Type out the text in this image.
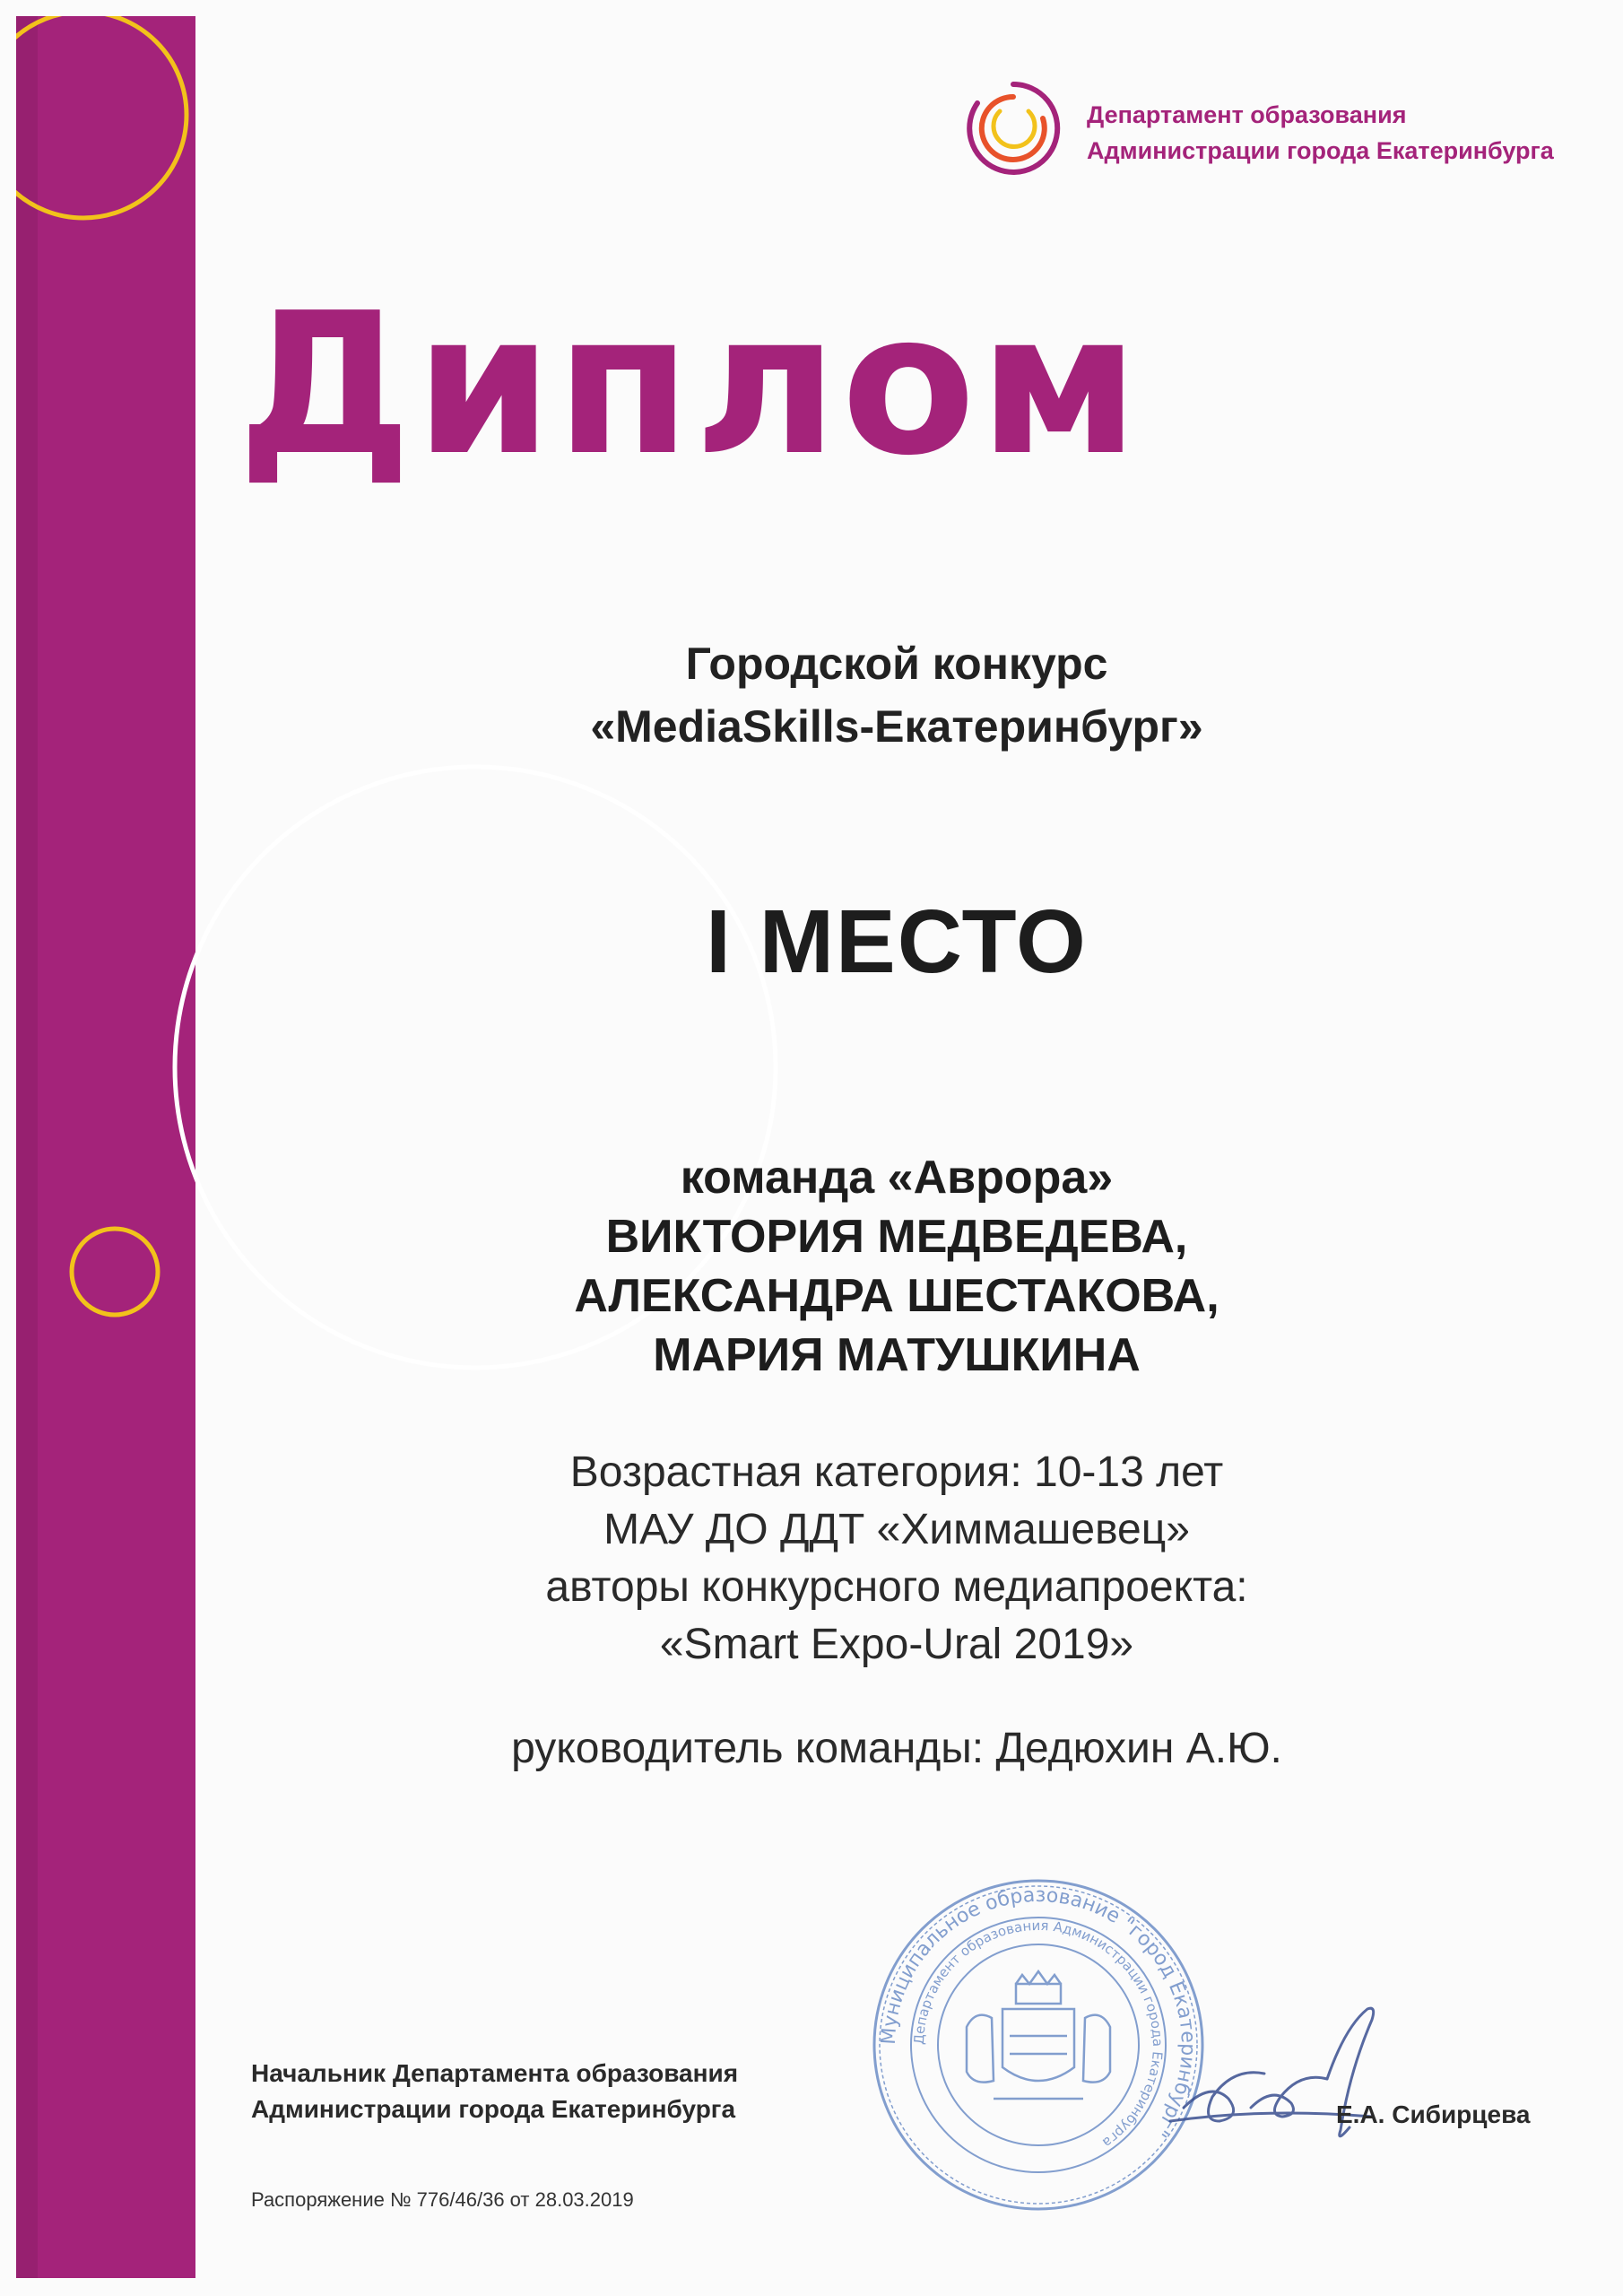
Департамент образования
Администрации города Екатеринбурга
Диплом
Городской конкурс
«MediaSkills-Екатеринбург»
I МЕСТО
команда «Аврора»
ВИКТОРИЯ МЕДВЕДЕВА,
АЛЕКСАНДРА ШЕСТАКОВА,
МАРИЯ МАТУШКИНА
Возрастная категория: 10-13 лет
МАУ ДО ДДТ «Химмашевец»
авторы конкурсного медиапроекта:
«Smart Expo-Ural 2019»
руководитель команды: Дедюхин А.Ю.
Муниципальное образование "город Екатеринбург"
Департамент образования Администрации города Екатеринбурга
Начальник Департамента образования
Администрации города Екатеринбурга	Е.А. Сибирцева
Распоряжение № 776/46/36 от 28.03.2019
